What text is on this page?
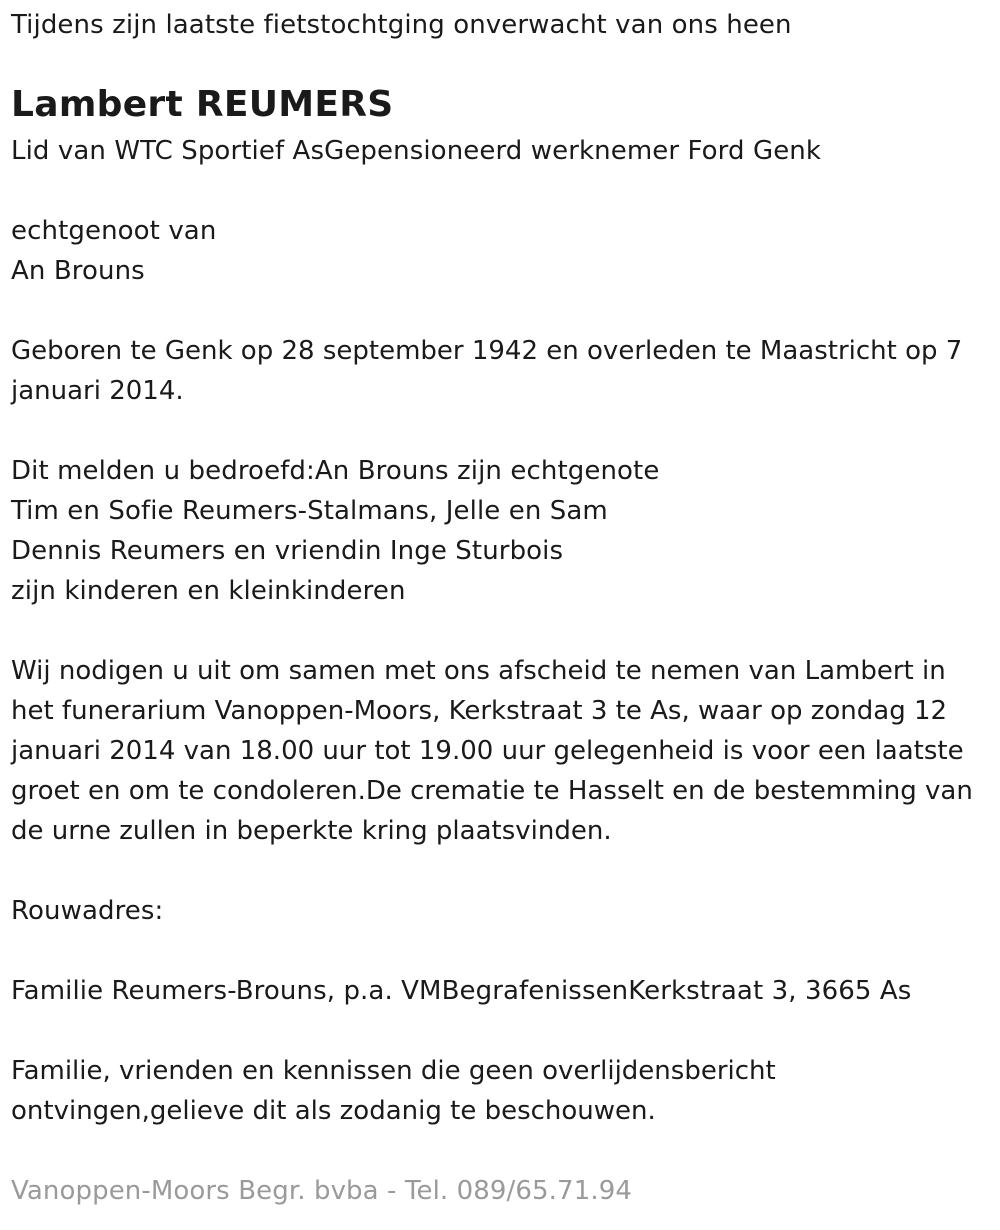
Tijdens zijn laatste fietstochtging onverwacht van ons heen
Lambert REUMERS
Lid van WTC Sportief AsGepensioneerd werknemer Ford Genk
echtgenoot van
An Brouns
Geboren te Genk op 28 september 1942 en overleden te Maastricht op 7 januari 2014.
Dit melden u bedroefd:An Brouns zijn echtgenote
Tim en Sofie Reumers-Stalmans, Jelle en Sam
Dennis Reumers en vriendin Inge Sturbois
zijn kinderen en kleinkinderen
Wij nodigen u uit om samen met ons afscheid te nemen van Lambert in het funerarium Vanoppen-Moors, Kerkstraat 3 te As, waar op zondag 12 januari 2014 van 18.00 uur tot 19.00 uur gelegenheid is voor een laatste groet en om te condoleren.De crematie te Hasselt en de bestemming van de urne zullen in beperkte kring plaatsvinden.
Rouwadres:
Familie Reumers-Brouns, p.a. VMBegrafenissenKerkstraat 3, 3665 As
Familie, vrienden en kennissen die geen overlijdensbericht ontvingen,gelieve dit als zodanig te beschouwen.
Vanoppen-Moors Begr. bvba - Tel. 089/65.71.94
